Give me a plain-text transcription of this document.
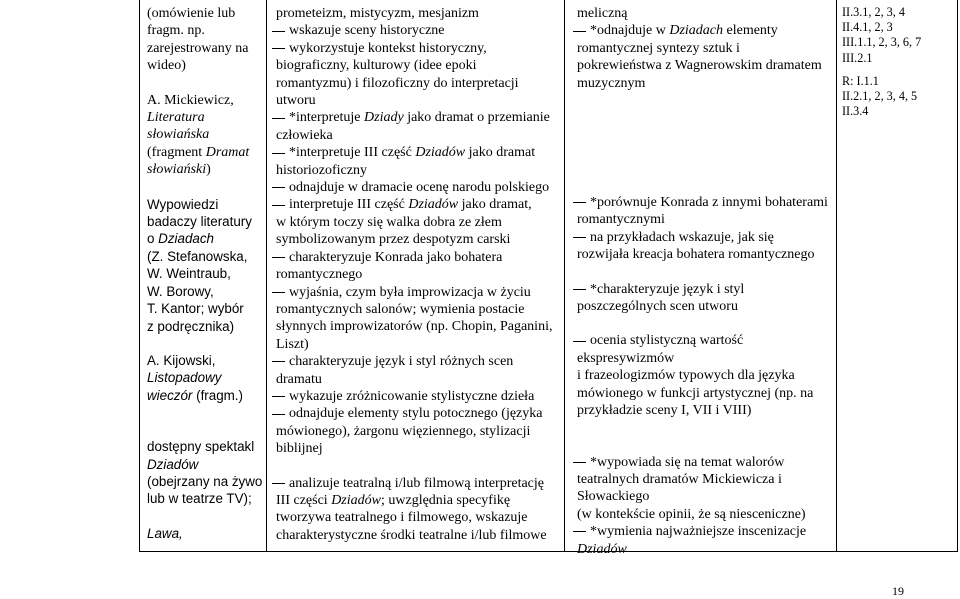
(omówienie lub
fragm. np.
zarejestrowany na
wideo)
A. Mickiewicz,
Literatura
słowiańska
(fragment Dramat
słowiański)
Wypowiedzi
badaczy literatury
o Dziadach
(Z. Stefanowska,
W. Weintraub,
W. Borowy,
T. Kantor; wybór
z podręcznika)
A. Kijowski,
Listopadowy
wieczór (fragm.)
dostępny spektakl
Dziadów
(obejrzany na żywo
lub w teatrze TV);
Lawa,
prometeizm, mistycyzm, mesjanizm
wskazuje sceny historyczne
wykorzystuje kontekst historyczny,
biograficzny, kulturowy (idee epoki
romantyzmu) i filozoficzny do interpretacji
utworu
*interpretuje Dziady jako dramat o przemianie
człowieka
*interpretuje III część Dziadów jako dramat
historiozoficzny
odnajduje w dramacie ocenę narodu polskiego
interpretuje III część Dziadów jako dramat,
w którym toczy się walka dobra ze złem
symbolizowanym przez despotyzm carski
charakteryzuje Konrada jako bohatera
romantycznego
wyjaśnia, czym była improwizacja w życiu
romantycznych salonów; wymienia postacie
słynnych improwizatorów (np. Chopin, Paganini,
Liszt)
charakteryzuje język i styl różnych scen
dramatu
wykazuje zróżnicowanie stylistyczne dzieła
odnajduje elementy stylu potocznego (języka
mówionego), żargonu więziennego, stylizacji
biblijnej
analizuje teatralną i/lub filmową interpretację
III części Dziadów; uwzględnia specyfikę
tworzywa teatralnego i filmowego, wskazuje
charakterystyczne środki teatralne i/lub filmowe
meliczną
*odnajduje w Dziadach elementy
romantycznej syntezy sztuk i
pokrewieństwa z Wagnerowskim dramatem
muzycznym
*porównuje Konrada z innymi bohaterami
romantycznymi
na przykładach wskazuje, jak się
rozwijała kreacja bohatera romantycznego
*charakteryzuje język i styl
poszczególnych scen utworu
ocenia stylistyczną wartość
ekspresywizmów
i frazeologizmów typowych dla języka
mówionego w funkcji artystycznej (np. na
przykładzie sceny I, VII i VIII)
*wypowiada się na temat walorów
teatralnych dramatów Mickiewicza i
Słowackiego
(w kontekście opinii, że są niesceniczne)
*wymienia najważniejsze inscenizacje
Dziadów
II.3.1, 2, 3, 4
II.4.1, 2, 3
III.1.1, 2, 3, 6, 7
III.2.1
R: I.1.1
II.2.1, 2, 3, 4, 5
II.3.4
19
